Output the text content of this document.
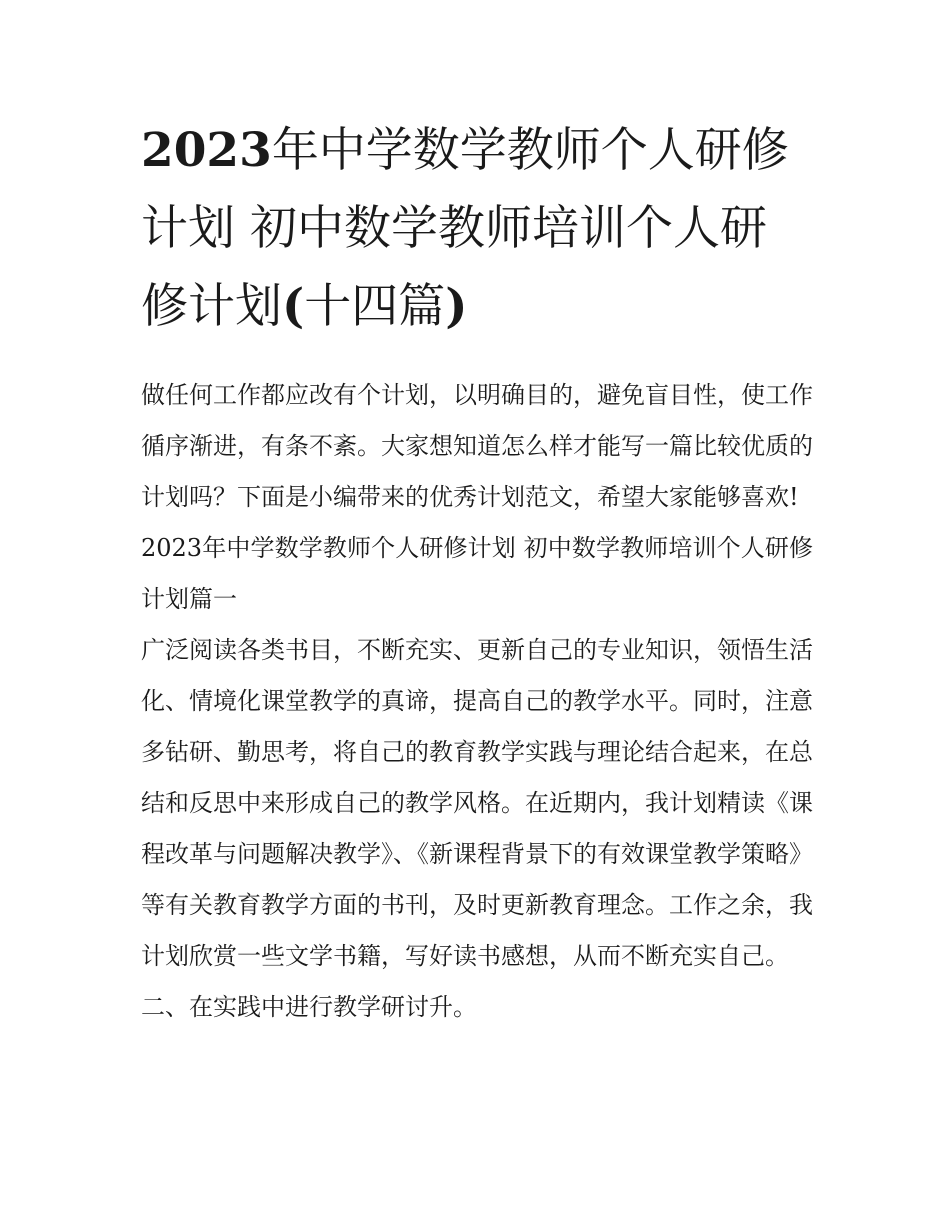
2023年中学数学教师个人研修计划 初中数学教师培训个人研修计划(十四篇)

做任何工作都应改有个计划，以明确目的，避免盲目性，使工作循序渐进，有条不紊。大家想知道怎么样才能写一篇比较优质的计划吗？下面是小编带来的优秀计划范文，希望大家能够喜欢!

2023年中学数学教师个人研修计划 初中数学教师培训个人研修计划篇一

广泛阅读各类书目，不断充实、更新自己的专业知识，领悟生活化、情境化课堂教学的真谛，提高自己的教学水平。同时，注意多钻研、勤思考，将自己的教育教学实践与理论结合起来，在总结和反思中来形成自己的教学风格。在近期内，我计划精读《课程改革与问题解决教学》、《新课程背景下的有效课堂教学策略》等有关教育教学方面的书刊，及时更新教育理念。工作之余，我计划欣赏一些文学书籍，写好读书感想，从而不断充实自己。

二、在实践中进行教学研讨升。
